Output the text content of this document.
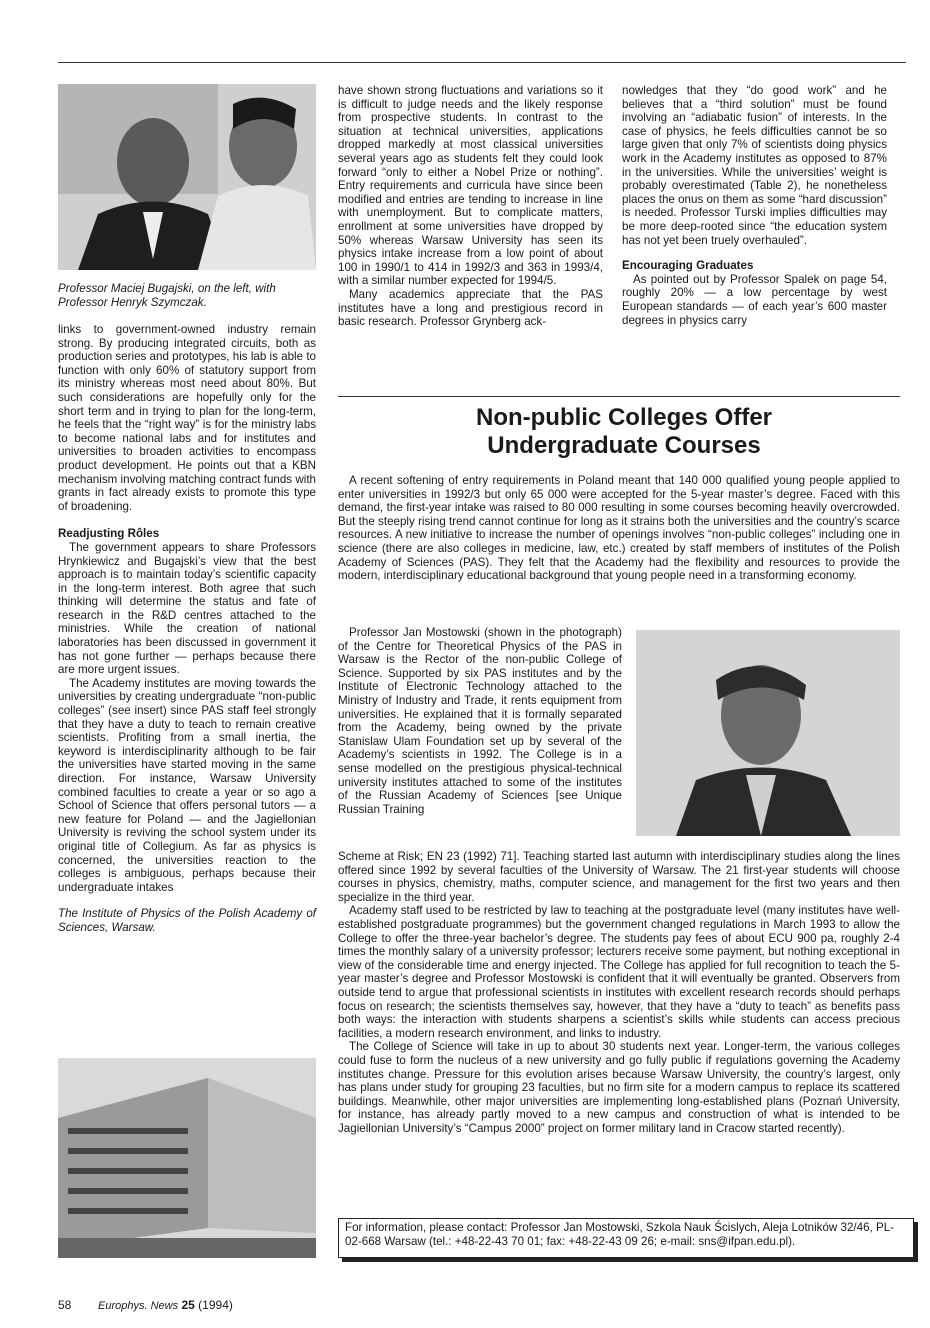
Professor Maciej Bugajski, on the left, with Professor Henryk Szymczak.

links to government-owned industry remain strong. By producing integrated circuits, both as production series and prototypes, his lab is able to function with only 60% of statutory support from its ministry whereas most need about 80%. But such considerations are hopefully only for the short term and in trying to plan for the long-term, he feels that the “right way” is for the ministry labs to become national labs and for institutes and universities to broaden activities to encompass product development. He points out that a KBN mechanism involving matching contract funds with grants in fact already exists to promote this type of broadening.

Readjusting Rôles

The government appears to share Professors Hrynkiewicz and Bugajski’s view that the best approach is to maintain today’s scientific capacity in the long-term interest. Both agree that such thinking will determine the status and fate of research in the R&D centres attached to the ministries. While the creation of national laboratories has been discussed in government it has not gone further — perhaps because there are more urgent issues.

The Academy institutes are moving towards the universities by creating undergraduate “non-public colleges” (see insert) since PAS staff feel strongly that they have a duty to teach to remain creative scientists. Profiting from a small inertia, the keyword is interdisciplinarity although to be fair the universities have started moving in the same direction. For instance, Warsaw University combined faculties to create a year or so ago a School of Science that offers personal tutors — a new feature for Poland — and the Jagiellonian University is reviving the school system under its original title of Collegium. As far as physics is concerned, the universities reaction to the colleges is ambiguous, perhaps because their undergraduate intakes

The Institute of Physics of the Polish Academy of Sciences, Warsaw.

have shown strong fluctuations and variations so it is difficult to judge needs and the likely response from prospective students. In contrast to the situation at technical universities, applications dropped markedly at most classical universities several years ago as students felt they could look forward “only to either a Nobel Prize or nothing”. Entry requirements and curricula have since been modified and entries are tending to increase in line with unemployment. But to complicate matters, enrollment at some universities have dropped by 50% whereas Warsaw University has seen its physics intake increase from a low point of about 100 in 1990/1 to 414 in 1992/3 and 363 in 1993/4, with a similar number expected for 1994/5.

Many academics appreciate that the PAS institutes have a long and prestigious record in basic research. Professor Grynberg ack-

nowledges that they “do good work” and he believes that a “third solution” must be found involving an “adiabatic fusion” of interests. In the case of physics, he feels difficulties cannot be so large given that only 7% of scientists doing physics work in the Academy institutes as opposed to 87% in the universities. While the universities’ weight is probably overestimated (Table 2), he nonetheless places the onus on them as some “hard discussion” is needed. Professor Turski implies difficulties may be more deep-rooted since “the education system has not yet been truely overhauled”.

Encouraging Graduates

As pointed out by Professor Spalek on page 54, roughly 20% — a low percentage by west European standards — of each year’s 600 master degrees in physics carry

Non-public Colleges Offer
Undergraduate Courses

A recent softening of entry requirements in Poland meant that 140 000 qualified young people applied to enter universities in 1992/3 but only 65 000 were accepted for the 5-year master’s degree. Faced with this demand, the first-year intake was raised to 80 000 resulting in some courses becoming heavily overcrowded. But the steeply rising trend cannot continue for long as it strains both the universities and the country’s scarce resources. A new initiative to increase the number of openings involves “non-public colleges” including one in science (there are also colleges in medicine, law, etc.) created by staff members of institutes of the Polish Academy of Sciences (PAS). They felt that the Academy had the flexibility and resources to provide the modern, interdisciplinary educational background that young people need in a transforming economy.

Professor Jan Mostowski (shown in the photograph) of the Centre for Theoretical Physics of the PAS in Warsaw is the Rector of the non-public College of Science. Supported by six PAS institutes and by the Institute of Electronic Technology attached to the Ministry of Industry and Trade, it rents equipment from universities. He explained that it is formally separated from the Academy, being owned by the private Stanislaw Ulam Foundation set up by several of the Academy’s scientists in 1992. The College is in a sense modelled on the prestigious physical-technical university institutes attached to some of the institutes of the Russian Academy of Sciences [see Unique Russian Training

Scheme at Risk; EN 23 (1992) 71]. Teaching started last autumn with interdisciplinary studies along the lines offered since 1992 by several faculties of the University of Warsaw. The 21 first-year students will choose courses in physics, chemistry, maths, computer science, and management for the first two years and then specialize in the third year.

Academy staff used to be restricted by law to teaching at the postgraduate level (many institutes have well-established postgraduate programmes) but the government changed regulations in March 1993 to allow the College to offer the three-year bachelor’s degree. The students pay fees of about ECU 900 pa, roughly 2-4 times the monthly salary of a university professor; lecturers receive some payment, but nothing exceptional in view of the considerable time and energy injected. The College has applied for full recognition to teach the 5-year master’s degree and Professor Mostowski is confident that it will eventually be granted. Observers from outside tend to argue that professional scientists in institutes with excellent research records should perhaps focus on research; the scientists themselves say, however, that they have a “duty to teach” as benefits pass both ways: the interaction with students sharpens a scientist’s skills while students can access precious facilities, a modern research environment, and links to industry.

The College of Science will take in up to about 30 students next year. Longer-term, the various colleges could fuse to form the nucleus of a new university and go fully public if regulations governing the Academy institutes change. Pressure for this evolution arises because Warsaw University, the country’s largest, only has plans under study for grouping 23 faculties, but no firm site for a modern campus to replace its scattered buildings. Meanwhile, other major universities are implementing long-established plans (Poznań University, for instance, has already partly moved to a new campus and construction of what is intended to be Jagiellonian University’s “Campus 2000” project on former military land in Cracow started recently).

For information, please contact: Professor Jan Mostowski, Szkola Nauk Ścislych, Aleja Lotników 32/46, PL-02-668 Warsaw (tel.: +48-22-43 70 01; fax: +48-22-43 09 26; e-mail: sns@ifpan.edu.pl).
58 Europhys. News 25 (1994)
